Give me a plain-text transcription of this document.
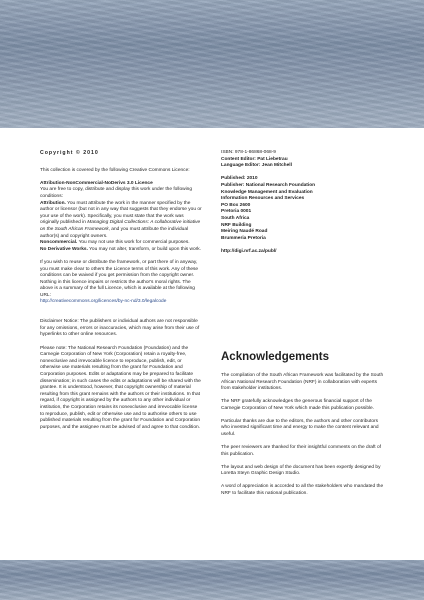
Copyright © 2010

This collection is covered by the following Creative Commons Licence:

Attribution-NonCommercial-NoDerivs 3.0 Licence

You are free to copy, distribute and display this work under the following conditions:

Attribution. You must attribute the work in the manner specified by the author or licensor (but not in any way that suggests that they endorse you or your use of the work). Specifically, you must state that the work was originally published in Managing Digital Collections: A collaborative initiative on the South African Framework, and you must attribute the individual author(s) and copyright owners.

Noncommercial. You may not use this work for commercial purposes.

No Derivative Works. You may not alter, transform, or build upon this work.

If you wish to reuse or distribute the framework, or part there of in anyway, you must make clear to others the Licence terms of this work. Any of these conditions can be waived if you get permission from the copyright owner.

Nothing in this licence impairs or restricts the author's moral rights. The above is a summary of the full Licence, which is available at the following URL:

http://creativecommons.org/licences/by-nc-nd/3.0/legalcode

Disclaimer Notice: The publishers or individual authors are not responsible for any omissions, errors or inaccuracies, which may arise from their use of hyperlinks to other online resources.

Please note: The National Research Foundation (Foundation) and the Carnegie Corporation of New York (Corporation) retain a royalty-free, nonexclusive and irrevocable licence to reproduce, publish, edit, or otherwise use materials resulting from the grant for Foundation and Corporation purposes. Edits or adaptations may be prepared to facilitate dissemination; in such cases the edits or adaptations will be shared with the grantee. It is understood, however, that copyright ownership of material resulting from this grant remains with the authors or their institutions. In that regard, if copyright is assigned by the authors to any other individual or institution, the Corporation retains its nonexclusive and irrevocable license to reproduce, publish, edit or otherwise use and to authorise others to use published materials resulting from the grant for Foundation and Corporation purposes, and the assignee must be advised of and agree to that condition.

ISBN: 978-1-86868-068-9

Content Editor: Pat Liebetrau

Language Editor: Jean Mitchell

Published: 2010

Publisher: National Research Foundation

Knowledge Management and Evaluation

Information Resources and Services

PO Box 2600

Pretoria 0001

South Africa

NRF Building

Meiring Naudé Road

Brummeria Pretoria

http://digi.nrf.ac.za/publ/

Acknowledgements

The compilation of the South African Framework was facilitated by the South African National Research Foundation (NRF) in collaboration with experts from stakeholder institutions.

The NRF gratefully acknowledges the generous financial support of the Carnegie Corporation of New York which made this publication possible.

Particular thanks are due to the editors, the authors and other contributors who invested significant time and energy to make the content relevant and useful.

The peer reviewers are thanked for their insightful comments on the draft of this publication.

The layout and web design of the document has been expertly designed by Loretta Steyn Graphic Design Studio.

A word of appreciation is accorded to all the stakeholders who mandated the NRF to facilitate this national publication.
